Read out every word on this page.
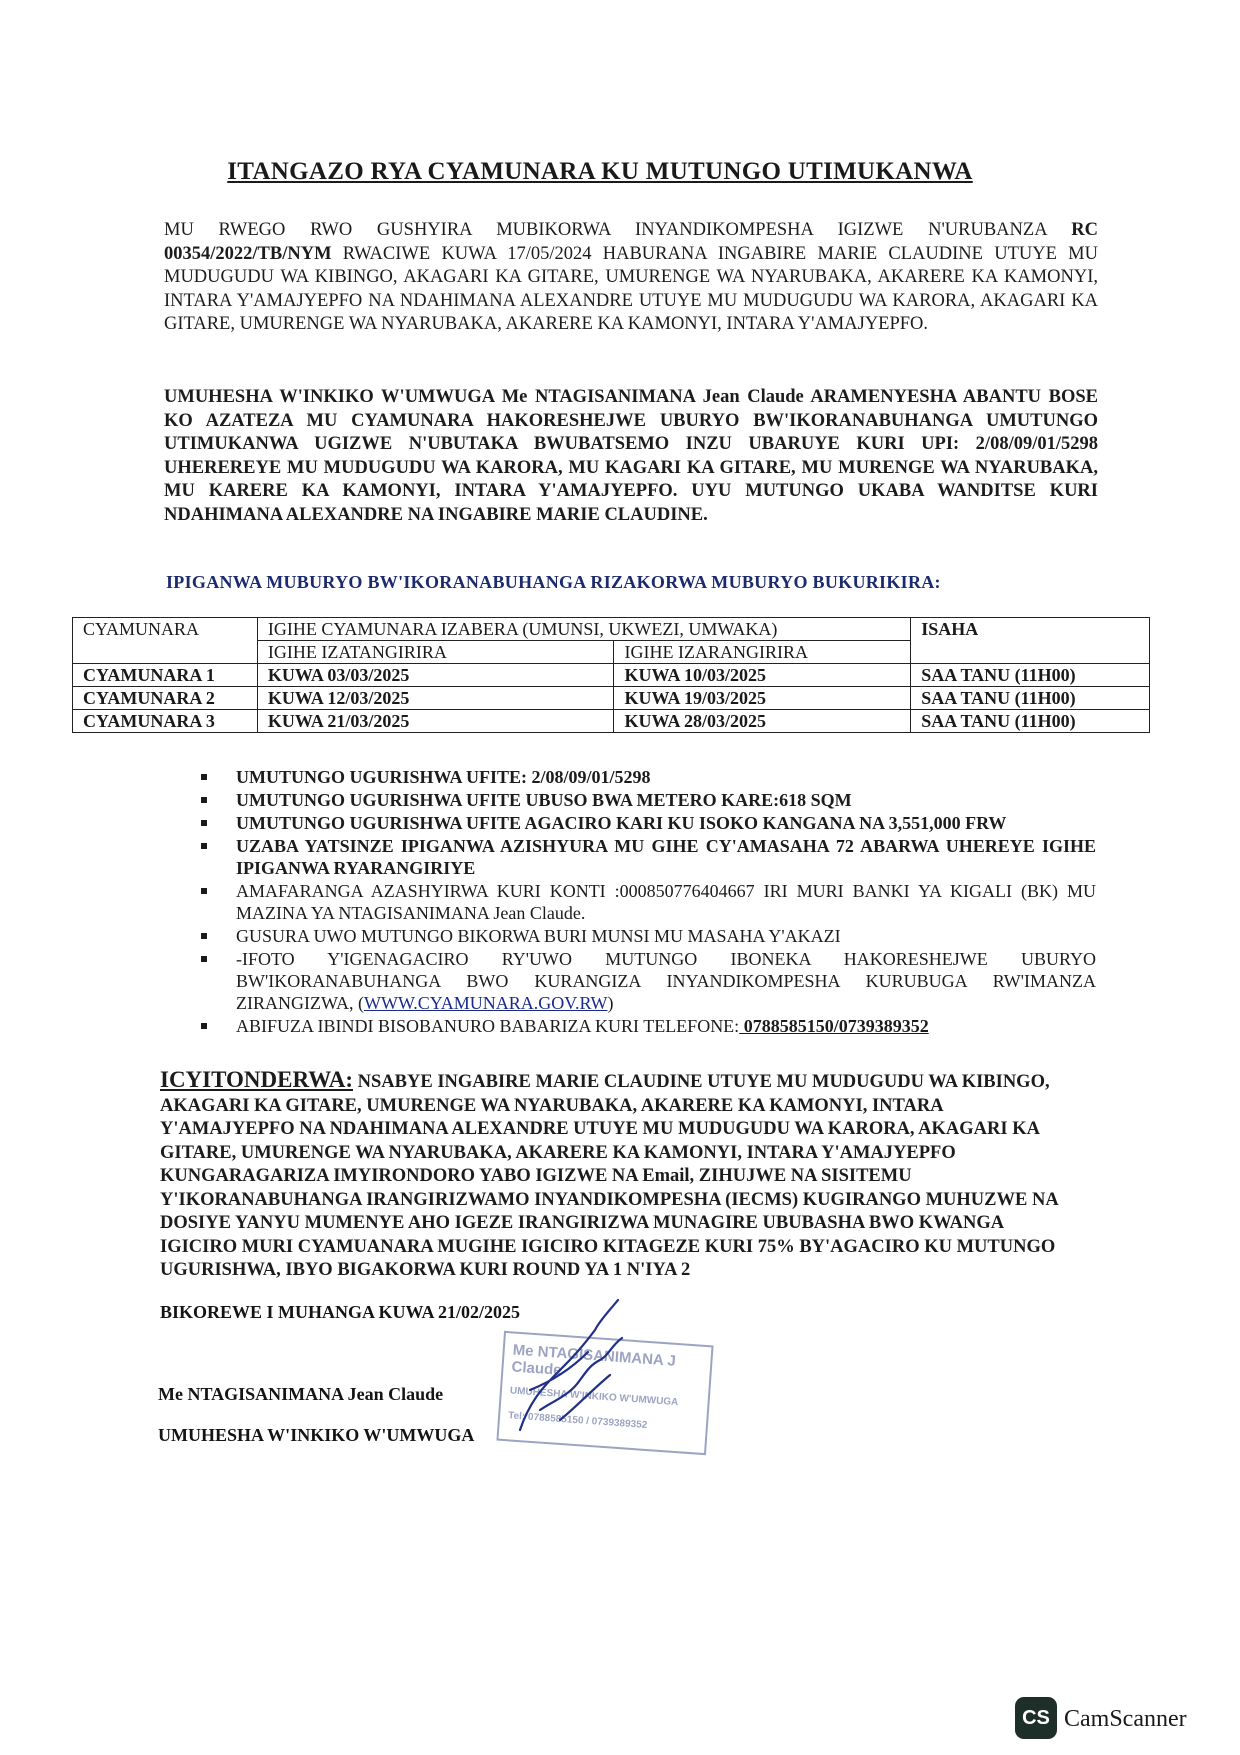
ITANGAZO RYA CYAMUNARA KU MUTUNGO UTIMUKANWA
MU RWEGO RWO GUSHYIRA MUBIKORWA INYANDIKOMPESHA IGIZWE N'URUBANZA RC 00354/2022/TB/NYM RWACIWE KUWA 17/05/2024 HABURANA INGABIRE MARIE CLAUDINE UTUYE MU MUDUGUDU WA KIBINGO, AKAGARI KA GITARE, UMURENGE WA NYARUBAKA, AKARERE KA KAMONYI, INTARA Y'AMAJYEPFO NA NDAHIMANA ALEXANDRE UTUYE MU MUDUGUDU WA KARORA, AKAGARI KA GITARE, UMURENGE WA NYARUBAKA, AKARERE KA KAMONYI, INTARA Y'AMAJYEPFO.
UMUHESHA W'INKIKO W'UMWUGA Me NTAGISANIMANA Jean Claude ARAMENYESHA ABANTU BOSE KO AZATEZA MU CYAMUNARA HAKORESHEJWE UBURYO BW'IKORANABUHANGA UMUTUNGO UTIMUKANWA UGIZWE N'UBUTAKA BWUBATSEMO INZU UBARUYE KURI UPI: 2/08/09/01/5298 UHEREREYE MU MUDUGUDU WA KARORA, MU KAGARI KA GITARE, MU MURENGE WA NYARUBAKA, MU KARERE KA KAMONYI, INTARA Y'AMAJYEPFO. UYU MUTUNGO UKABA WANDITSE KURI NDAHIMANA ALEXANDRE NA INGABIRE MARIE CLAUDINE.
IPIGANWA MUBURYO BW'IKORANABUHANGA RIZAKORWA MUBURYO BUKURIKIRA:
CYAMUNARA	IGIHE CYAMUNARA IZABERA (UMUNSI, UKWEZI, UMWAKA)		ISAHA
	IGIHE IZATANGIRIRA	IGIHE IZARANGIRIRA	
CYAMUNARA 1	KUWA 03/03/2025	KUWA 10/03/2025	SAA TANU (11H00)
CYAMUNARA 2	KUWA 12/03/2025	KUWA 19/03/2025	SAA TANU (11H00)
CYAMUNARA 3	KUWA 21/03/2025	KUWA 28/03/2025	SAA TANU (11H00)
UMUTUNGO UGURISHWA UFITE: 2/08/09/01/5298
UMUTUNGO UGURISHWA UFITE UBUSO BWA METERO KARE:618 SQM
UMUTUNGO UGURISHWA UFITE AGACIRO KARI KU ISOKO KANGANA NA 3,551,000 FRW
UZABA YATSINZE IPIGANWA AZISHYURA MU GIHE CY'AMASAHA 72 ABARWA UHEREYE IGIHE IPIGANWA RYARANGIRIYE
AMAFARANGA AZASHYIRWA KURI KONTI :000850776404667 IRI MURI BANKI YA KIGALI (BK) MU MAZINA YA NTAGISANIMANA Jean Claude.
GUSURA UWO MUTUNGO BIKORWA BURI MUNSI MU MASAHA Y'AKAZI
-IFOTO Y'IGENAGACIRO RY'UWO MUTUNGO IBONEKA HAKORESHEJWE UBURYO BW'IKORANABUHANGA BWO KURANGIZA INYANDIKOMPESHA KURUBUGA RW'IMANZA ZIRANGIZWA, (WWW.CYAMUNARA.GOV.RW)
ABIFUZA IBINDI BISOBANURO BABARIZA KURI TELEFONE: 0788585150/0739389352
ICYITONDERWA: NSABYE INGABIRE MARIE CLAUDINE UTUYE MU MUDUGUDU WA KIBINGO, AKAGARI KA GITARE, UMURENGE WA NYARUBAKA, AKARERE KA KAMONYI, INTARA Y'AMAJYEPFO NA NDAHIMANA ALEXANDRE UTUYE MU MUDUGUDU WA KARORA, AKAGARI KA GITARE, UMURENGE WA NYARUBAKA, AKARERE KA KAMONYI, INTARA Y'AMAJYEPFO KUNGARAGARIZA IMYIRONDORO YABO IGIZWE NA Email, ZIHUJWE NA SISITEMU Y'IKORANABUHANGA IRANGIRIZWAMO INYANDIKOMPESHA (IECMS) KUGIRANGO MUHUZWE NA DOSIYE YANYU MUMENYE AHO IGEZE IRANGIRIZWA MUNAGIRE UBUBASHA BWO KWANGA IGICIRO MURI CYAMUANARA MUGIHE IGICIRO KITAGEZE KURI 75% BY'AGACIRO KU MUTUNGO UGURISHWA, IBYO BIGAKORWA KURI ROUND YA 1 N'IYA 2
BIKOREWE I MUHANGA KUWA 21/02/2025
Me NTAGISANIMANA J Claude
UMUHESHA W'INKIKO W'UMWUGA
Tel: 0788585150 / 0739389352
Me NTAGISANIMANA Jean Claude
UMUHESHA W'INKIKO W'UMWUGA
CS CamScanner
